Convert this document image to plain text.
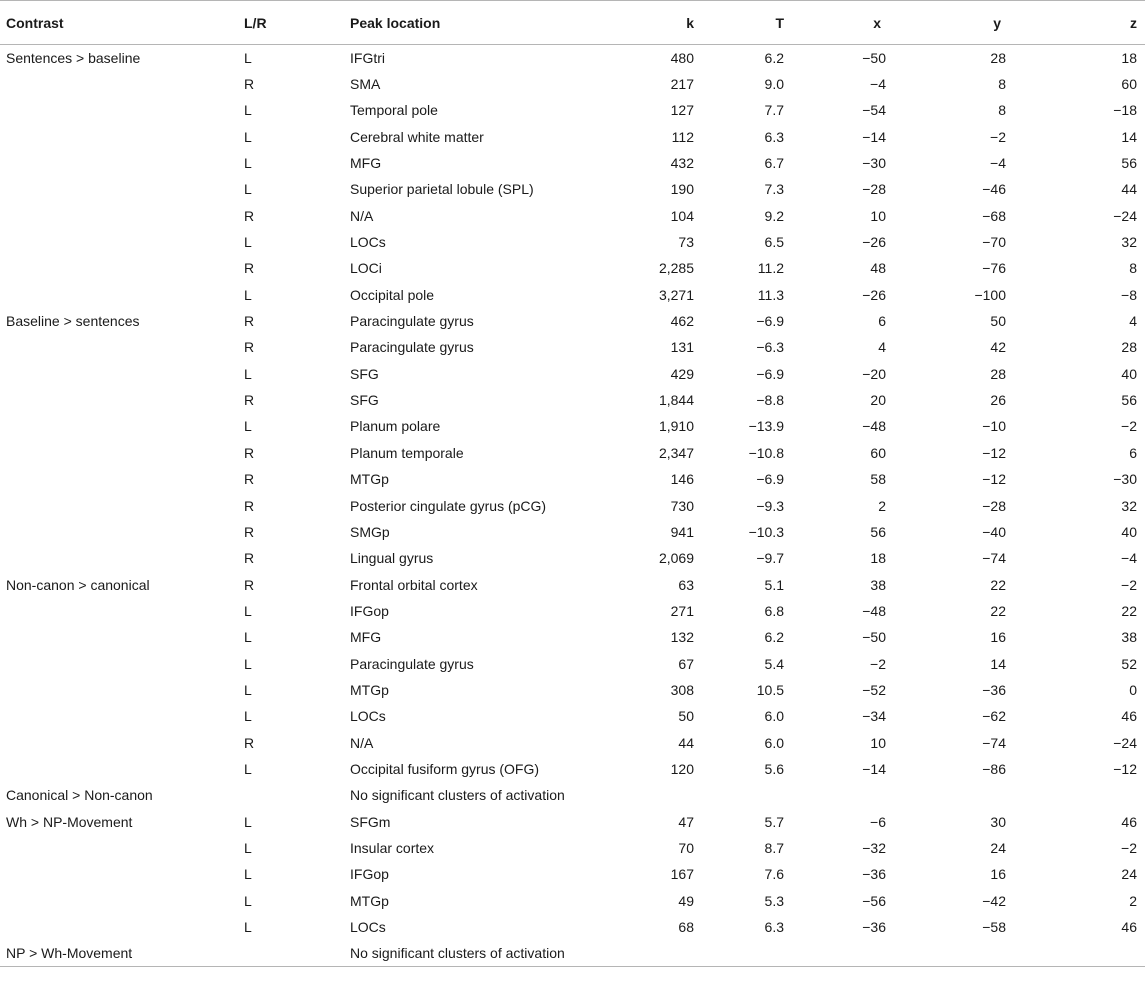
Contrast	L/R	Peak location	k	T	x	y	z
Sentences > baseline	L	IFGtri	480	6.2	−50	28	18
	R	SMA	217	9.0	−4	8	60
	L	Temporal pole	127	7.7	−54	8	−18
	L	Cerebral white matter	112	6.3	−14	−2	14
	L	MFG	432	6.7	−30	−4	56
	L	Superior parietal lobule (SPL)	190	7.3	−28	−46	44
	R	N/A	104	9.2	10	−68	−24
	L	LOCs	73	6.5	−26	−70	32
	R	LOCi	2,285	11.2	48	−76	8
	L	Occipital pole	3,271	11.3	−26	−100	−8
Baseline > sentences	R	Paracingulate gyrus	462	−6.9	6	50	4
	R	Paracingulate gyrus	131	−6.3	4	42	28
	L	SFG	429	−6.9	−20	28	40
	R	SFG	1,844	−8.8	20	26	56
	L	Planum polare	1,910	−13.9	−48	−10	−2
	R	Planum temporale	2,347	−10.8	60	−12	6
	R	MTGp	146	−6.9	58	−12	−30
	R	Posterior cingulate gyrus (pCG)	730	−9.3	2	−28	32
	R	SMGp	941	−10.3	56	−40	40
	R	Lingual gyrus	2,069	−9.7	18	−74	−4
Non-canon > canonical	R	Frontal orbital cortex	63	5.1	38	22	−2
	L	IFGop	271	6.8	−48	22	22
	L	MFG	132	6.2	−50	16	38
	L	Paracingulate gyrus	67	5.4	−2	14	52
	L	MTGp	308	10.5	−52	−36	0
	L	LOCs	50	6.0	−34	−62	46
	R	N/A	44	6.0	10	−74	−24
	L	Occipital fusiform gyrus (OFG)	120	5.6	−14	−86	−12
Canonical > Non-canon		No significant clusters of activation					
Wh > NP-Movement	L	SFGm	47	5.7	−6	30	46
	L	Insular cortex	70	8.7	−32	24	−2
	L	IFGop	167	7.6	−36	16	24
	L	MTGp	49	5.3	−56	−42	2
	L	LOCs	68	6.3	−36	−58	46
NP > Wh-Movement		No significant clusters of activation					
